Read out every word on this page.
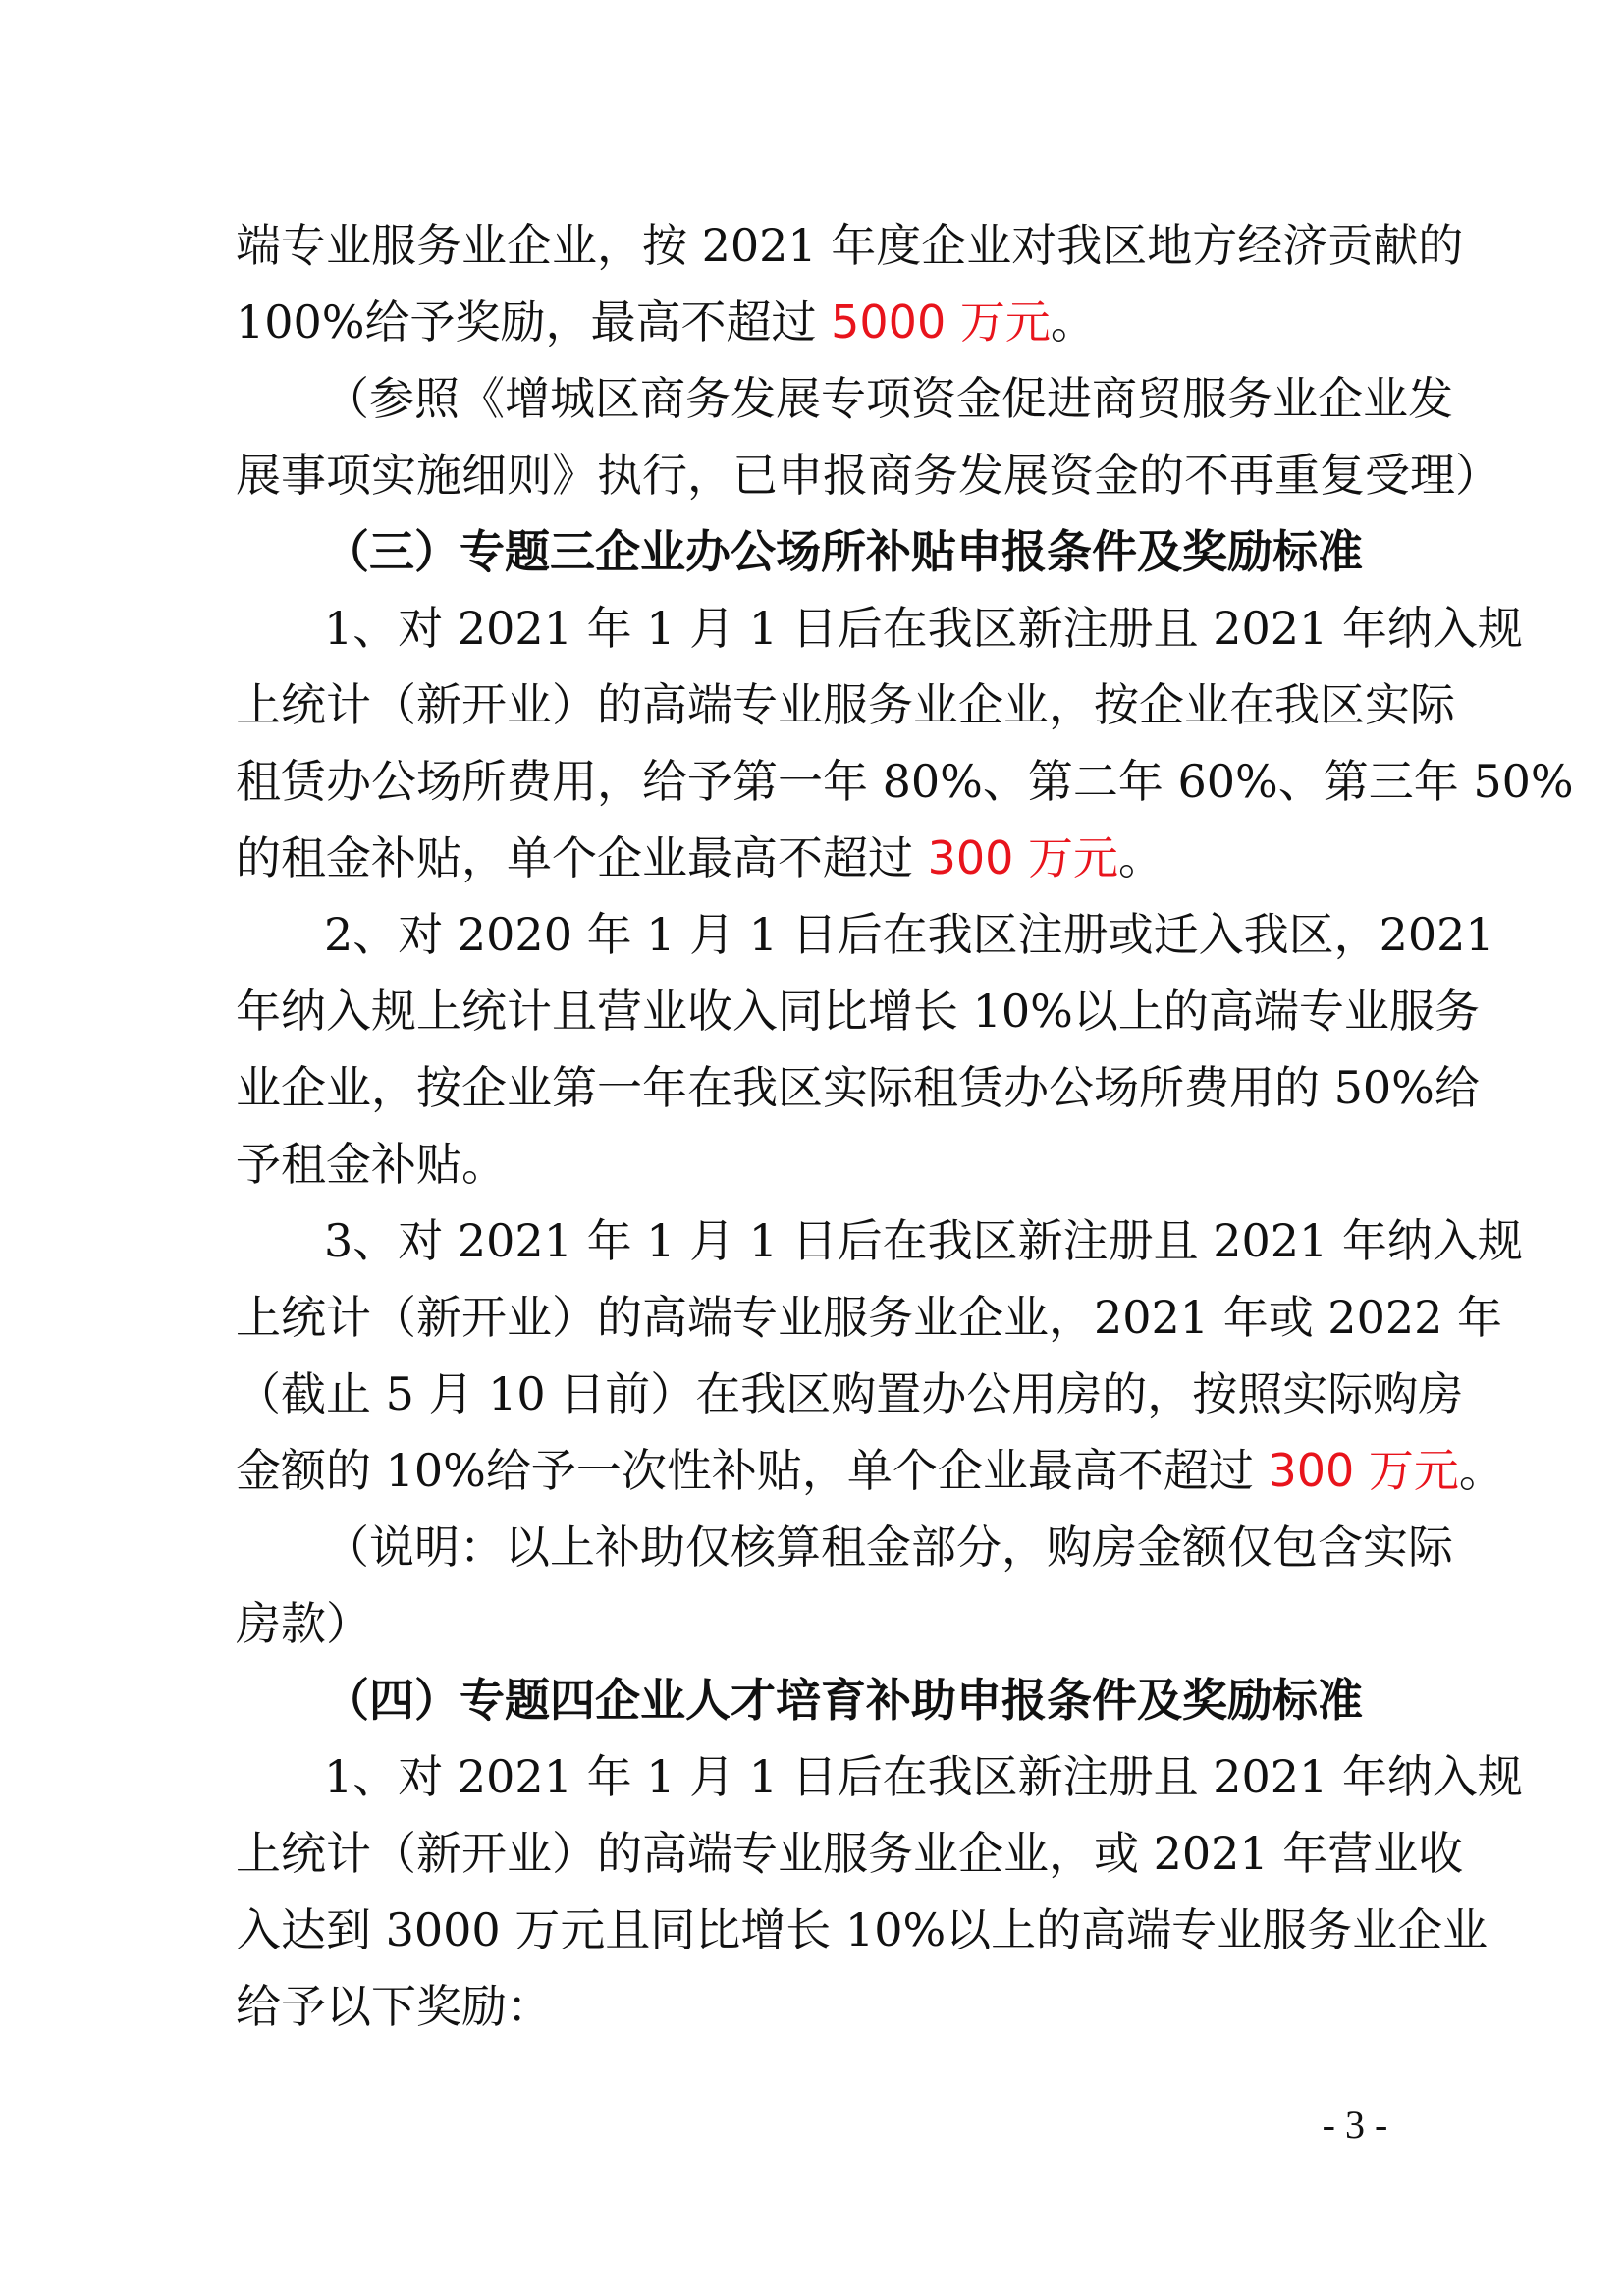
端专业服务业企业，按 2021 年度企业对我区地方经济贡献的
100%给予奖励，最高不超过 5000 万元。
（参照《增城区商务发展专项资金促进商贸服务业企业发
展事项实施细则》执行，已申报商务发展资金的不再重复受理）
（三）专题三企业办公场所补贴申报条件及奖励标准
1、对 2021 年 1 月 1 日后在我区新注册且 2021 年纳入规
上统计（新开业）的高端专业服务业企业，按企业在我区实际
租赁办公场所费用，给予第一年 80%、第二年 60%、第三年 50%
的租金补贴，单个企业最高不超过 300 万元。
2、对 2020 年 1 月 1 日后在我区注册或迁入我区，2021
年纳入规上统计且营业收入同比增长 10%以上的高端专业服务
业企业，按企业第一年在我区实际租赁办公场所费用的 50%给
予租金补贴。
3、对 2021 年 1 月 1 日后在我区新注册且 2021 年纳入规
上统计（新开业）的高端专业服务业企业，2021 年或 2022 年
（截止 5 月 10 日前）在我区购置办公用房的，按照实际购房
金额的 10%给予一次性补贴，单个企业最高不超过 300 万元。
（说明：以上补助仅核算租金部分，购房金额仅包含实际
房款）
（四）专题四企业人才培育补助申报条件及奖励标准
1、对 2021 年 1 月 1 日后在我区新注册且 2021 年纳入规
上统计（新开业）的高端专业服务业企业，或 2021 年营业收
入达到 3000 万元且同比增长 10%以上的高端专业服务业企业
给予以下奖励：
- 3 -
